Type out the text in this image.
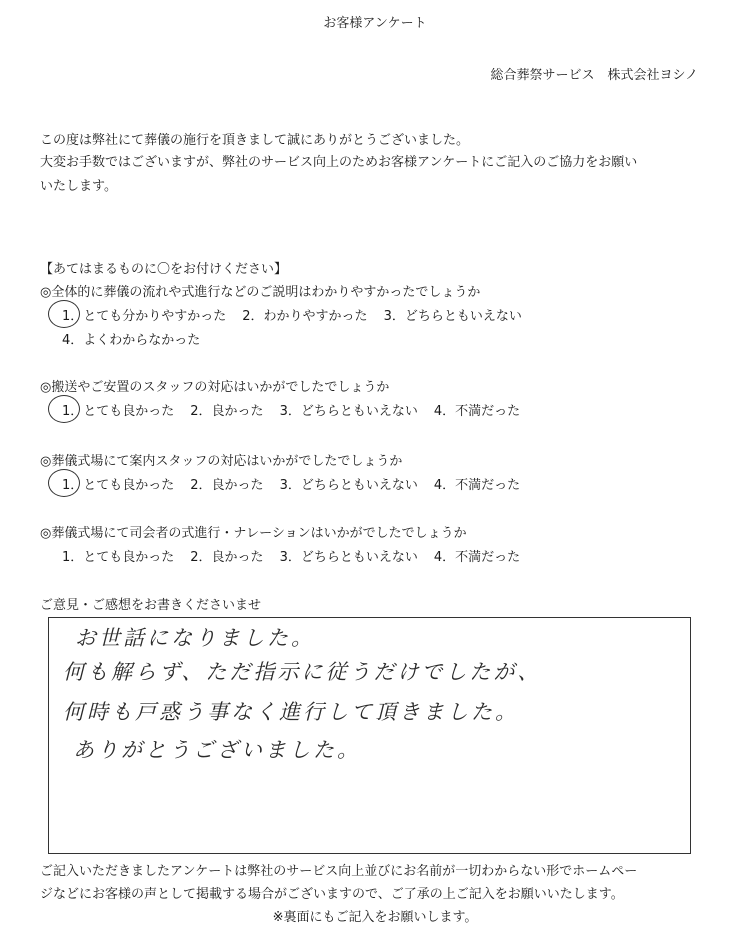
お客様アンケート
総合葬祭サービス　株式会社ヨシノ
この度は弊社にて葬儀の施行を頂きまして誠にありがとうございました。
大変お手数ではございますが、弊社のサービス向上のためお客様アンケートにご記入のご協力をお願い
いたします。
【あてはまるものに〇をお付けください】
◎全体的に葬儀の流れや式進行などのご説明はわかりやすかったでしょうか
1．とても分かりやすかった 2．わかりやすかった 3．どちらともいえない
4．よくわからなかった
◎搬送やご安置のスタッフの対応はいかがでしたでしょうか
1．とても良かった 2．良かった 3．どちらともいえない 4．不満だった
◎葬儀式場にて案内スタッフの対応はいかがでしたでしょうか
1．とても良かった 2．良かった 3．どちらともいえない 4．不満だった
◎葬儀式場にて司会者の式進行・ナレーションはいかがでしたでしょうか
1．とても良かった 2．良かった 3．どちらともいえない 4．不満だった
ご意見・ご感想をお書きくださいませ
お世話になりました。
何も解らず、ただ指示に従うだけでしたが、
何時も戸惑う事なく進行して頂きました。
ありがとうございました。
ご記入いただきましたアンケートは弊社のサービス向上並びにお名前が一切わからない形でホームペー
ジなどにお客様の声として掲載する場合がございますので、ご了承の上ご記入をお願いいたします。
※裏面にもご記入をお願いします。
